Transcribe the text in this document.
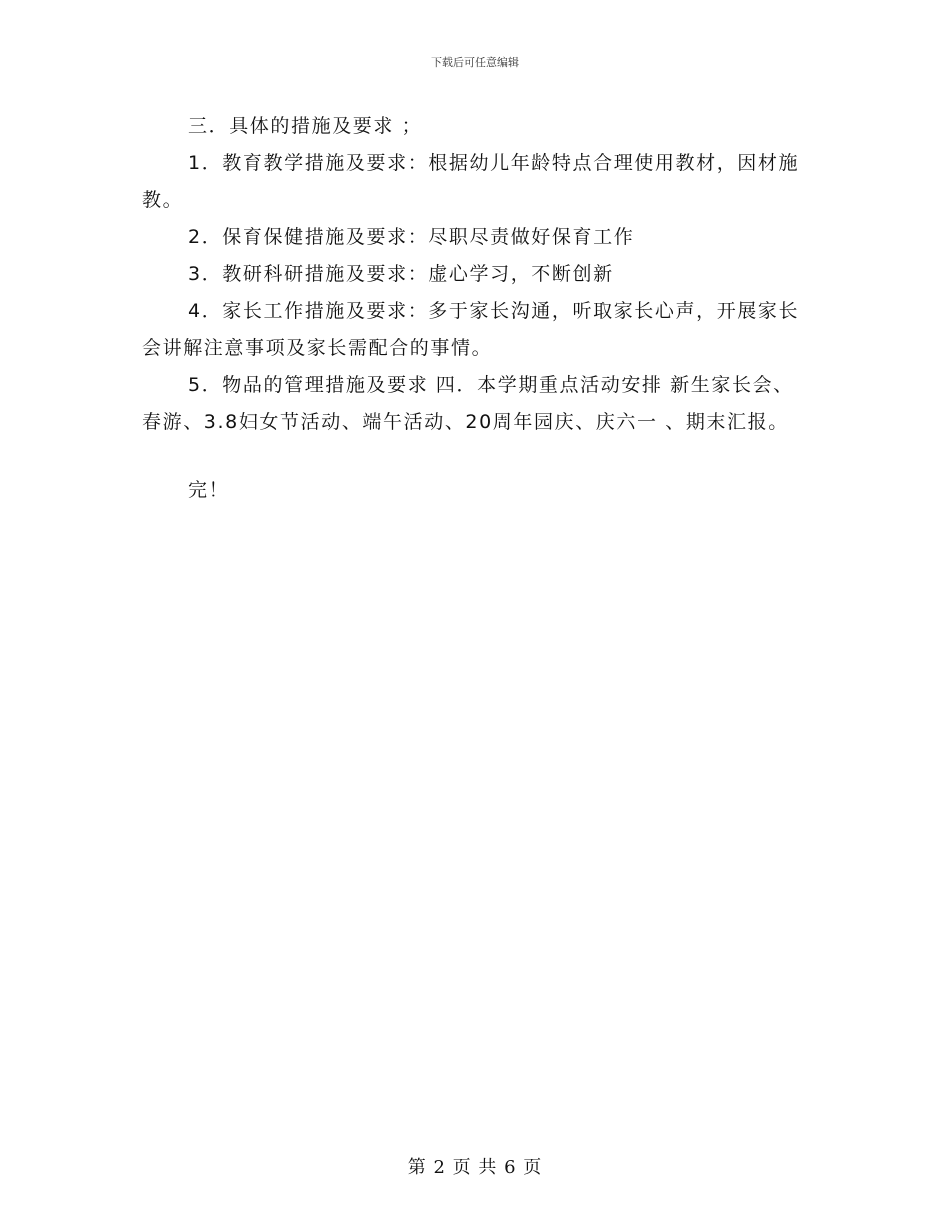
下载后可任意编辑

三．具体的措施及要求 ；

1．教育教学措施及要求：根据幼儿年龄特点合理使用教材，因材施教。

2．保育保健措施及要求：尽职尽责做好保育工作

3．教研科研措施及要求：虚心学习，不断创新

4．家长工作措施及要求：多于家长沟通，听取家长心声，开展家长会讲解注意事项及家长需配合的事情。

5．物品的管理措施及要求 四．本学期重点活动安排 新生家长会、春游、3.8妇女节活动、端午活动、20周年园庆、庆六一 、期末汇报。

完！

第 2 页 共 6 页
